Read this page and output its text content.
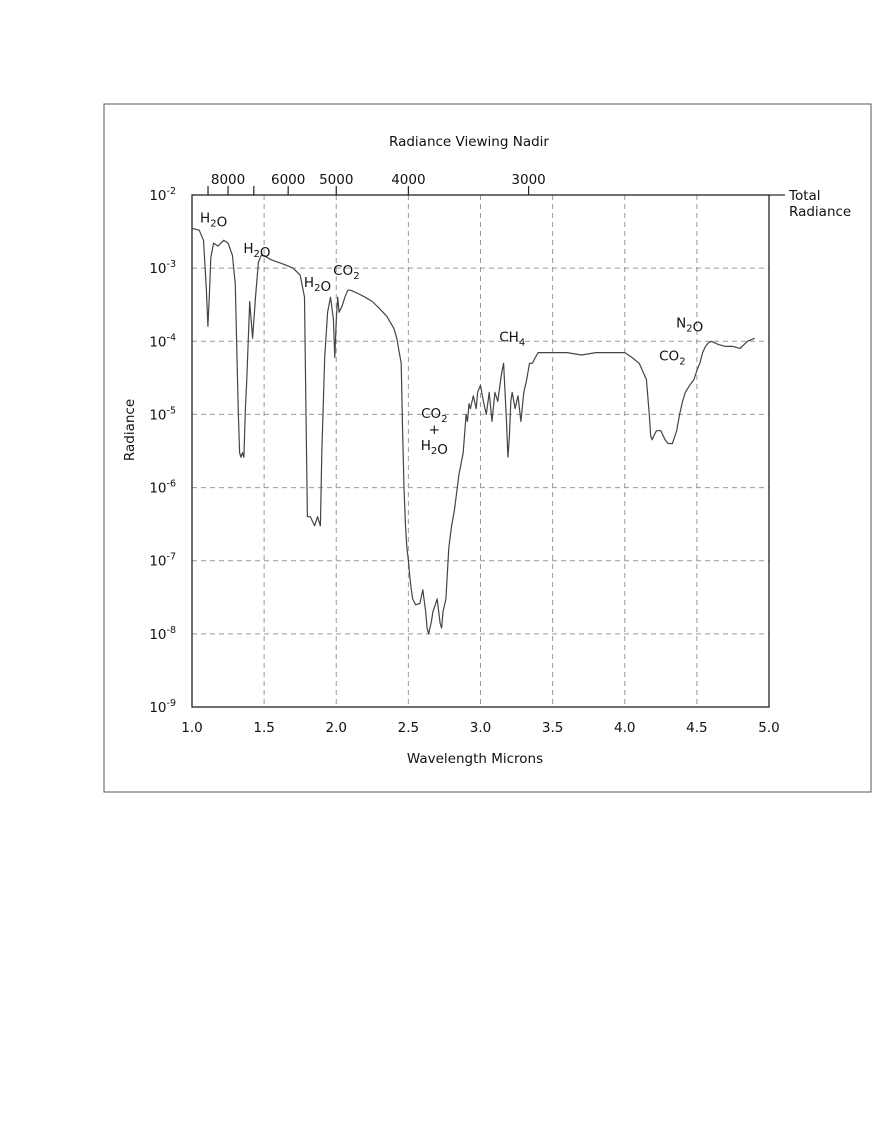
Radiance Viewing Nadir
Wavelength Microns
Radiance
1.0	1.5	2.0	2.5	3.0	3.5	4.0	4.5	5.0
$10^{-2}$
$10^{-3}$
$10^{-4}$
$10^{-5}$
$10^{-6}$
$10^{-7}$
$10^{-8}$
$10^{-9}$
8000 6000 5000	4000	3000
Total Radiance
$H_2O$
$H_2O$
$H_2O$
$CO_2$
$CO_2$
+
$H_2O$
$CH_4$
$N_2O$
$CO_2$
